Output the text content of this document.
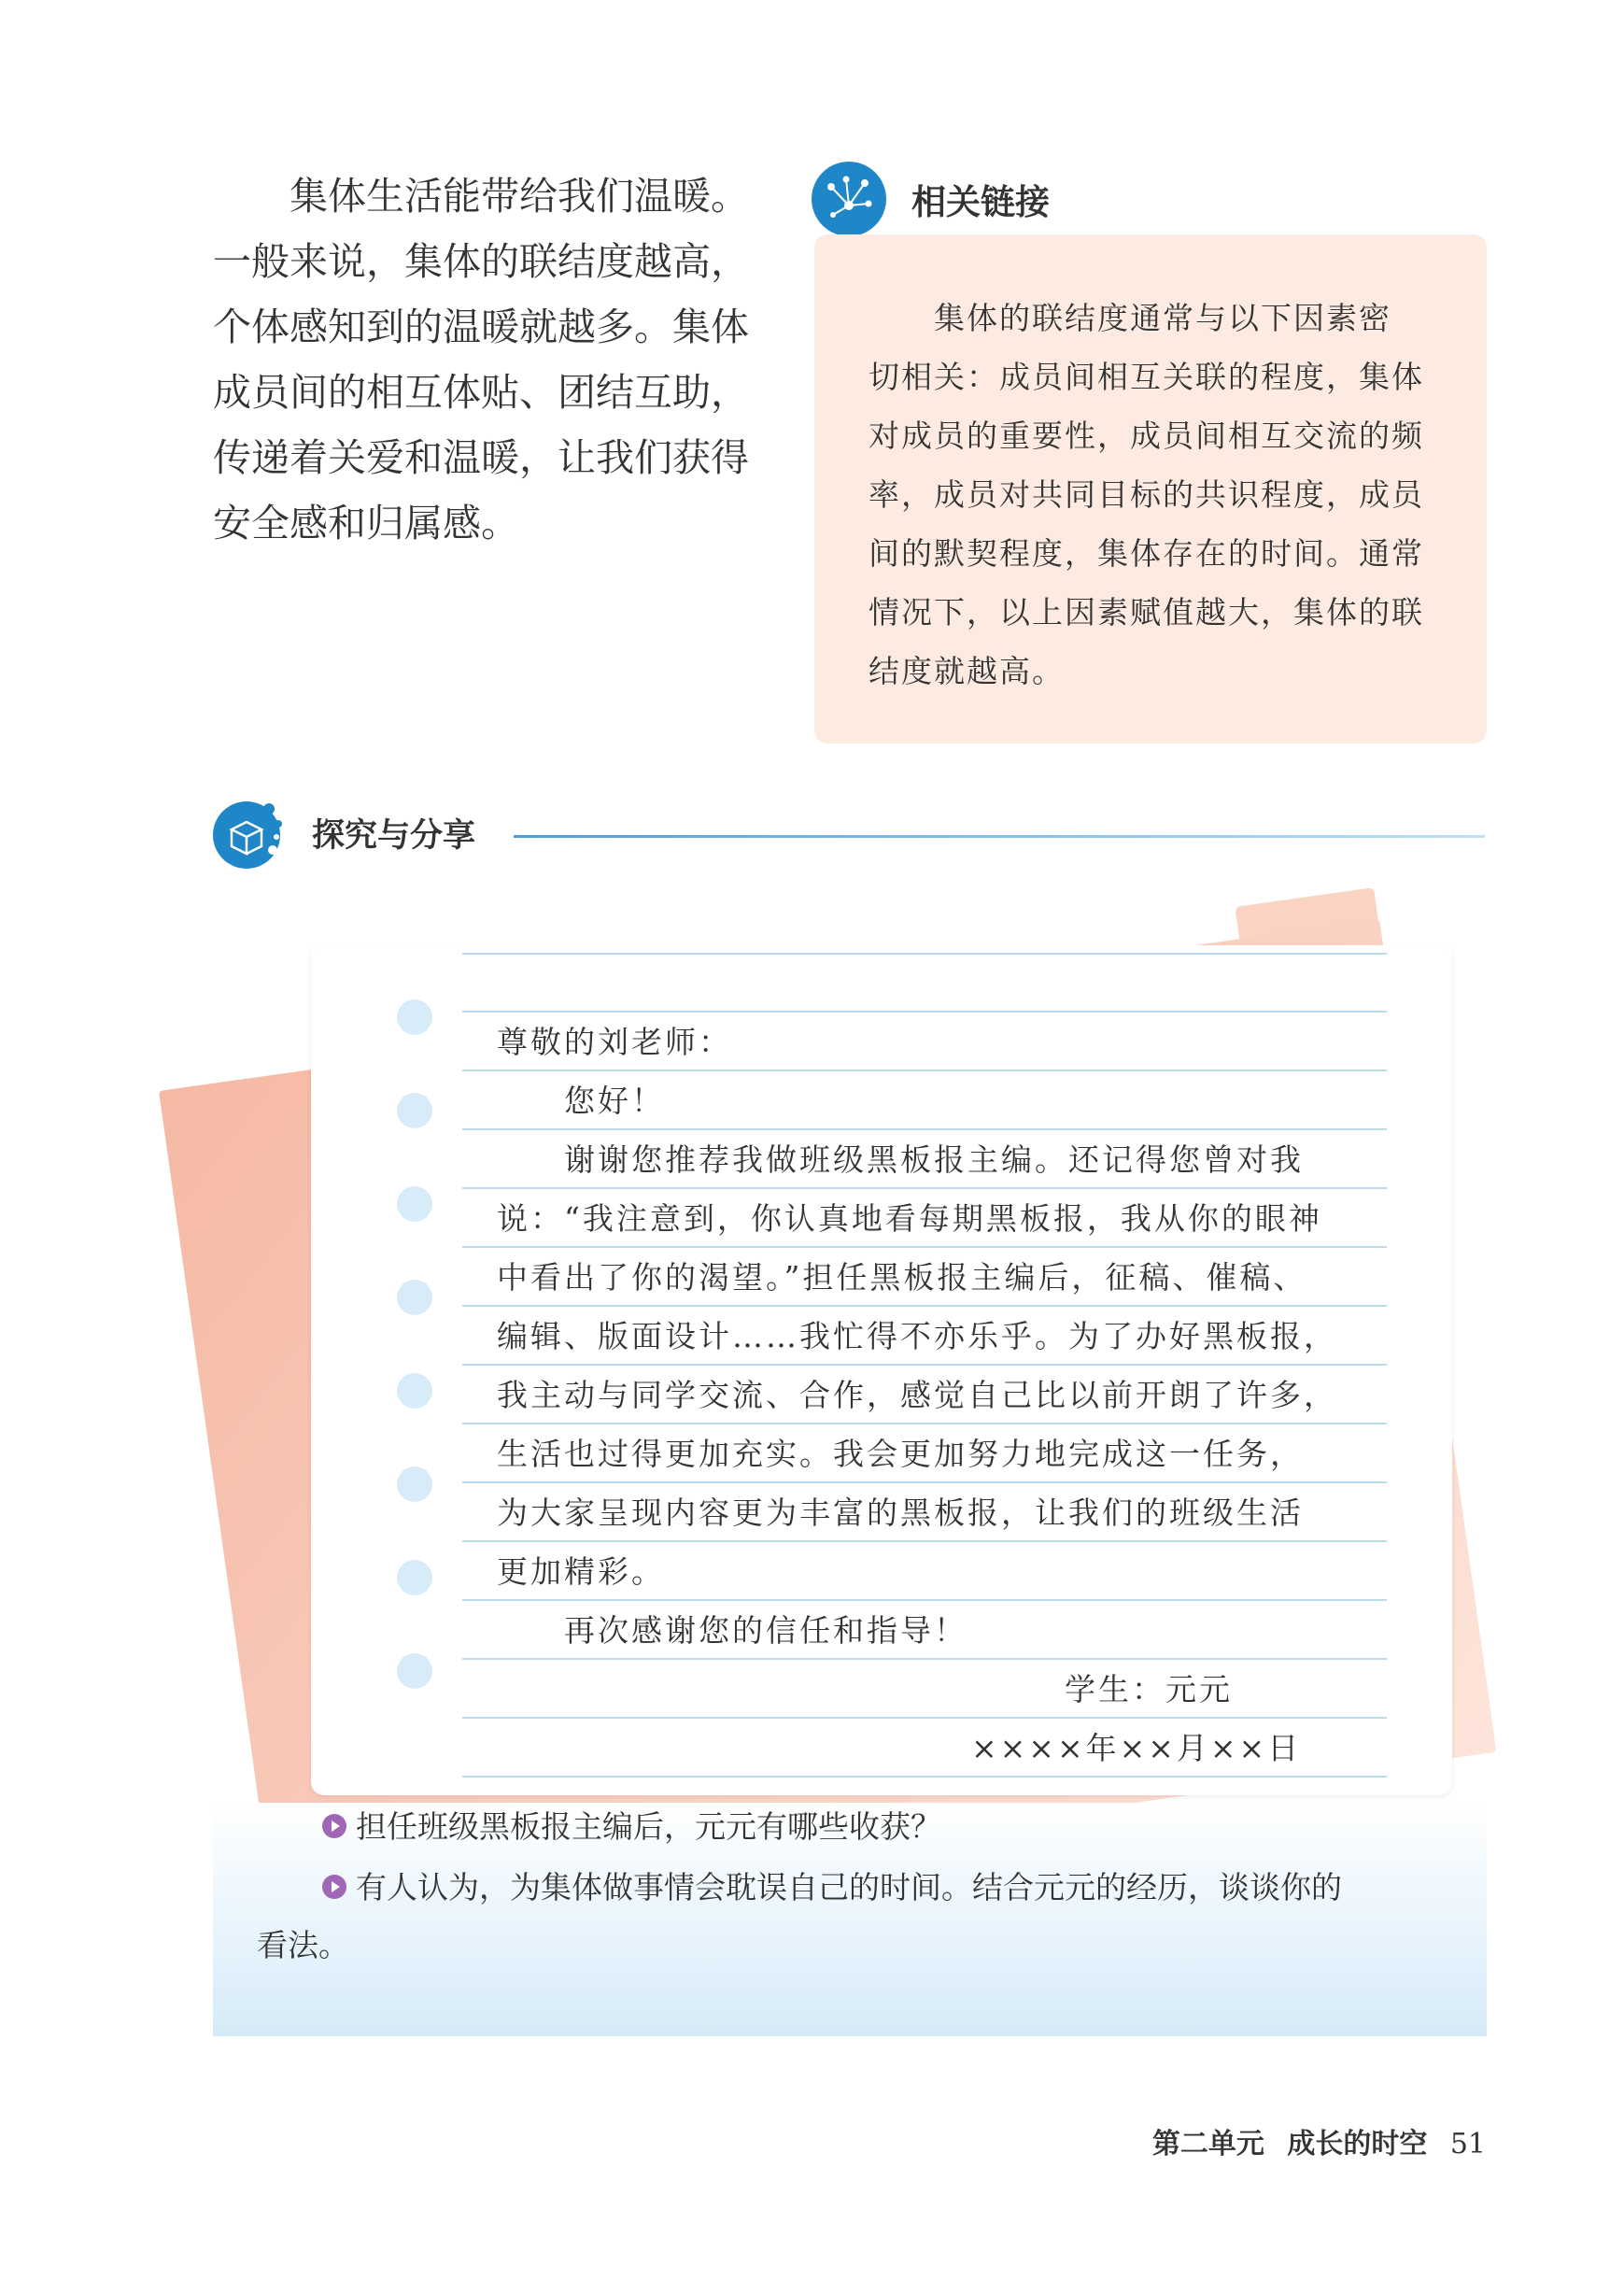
集体生活能带给我们温暖。
一般来说，集体的联结度越高，
个体感知到的温暖就越多。集体
成员间的相互体贴、团结互助，
传递着关爱和温暖，让我们获得
安全感和归属感。

相关链接

集体的联结度通常与以下因素密
切相关：成员间相互关联的程度，集体
对成员的重要性，成员间相互交流的频
率，成员对共同目标的共识程度，成员
间的默契程度，集体存在的时间。通常
情况下，以上因素赋值越大，集体的联
结度就越高。

探究与分享
尊敬的刘老师：
您好！
谢谢您推荐我做班级黑板报主编。还记得您曾对我
说：“我注意到，你认真地看每期黑板报，我从你的眼神
中看出了你的渴望。”担任黑板报主编后，征稿、催稿、
编辑、版面设计……我忙得不亦乐乎。为了办好黑板报，
我主动与同学交流、合作，感觉自己比以前开朗了许多，
生活也过得更加充实。我会更加努力地完成这一任务，
为大家呈现内容更为丰富的黑板报，让我们的班级生活
更加精彩。
再次感谢您的信任和指导！
学生：元元
××××年××月××日
担任班级黑板报主编后，元元有哪些收获？
有人认为，为集体做事情会耽误自己的时间。结合元元的经历，谈谈你的
看法。
第二单元 成长的时空 51
